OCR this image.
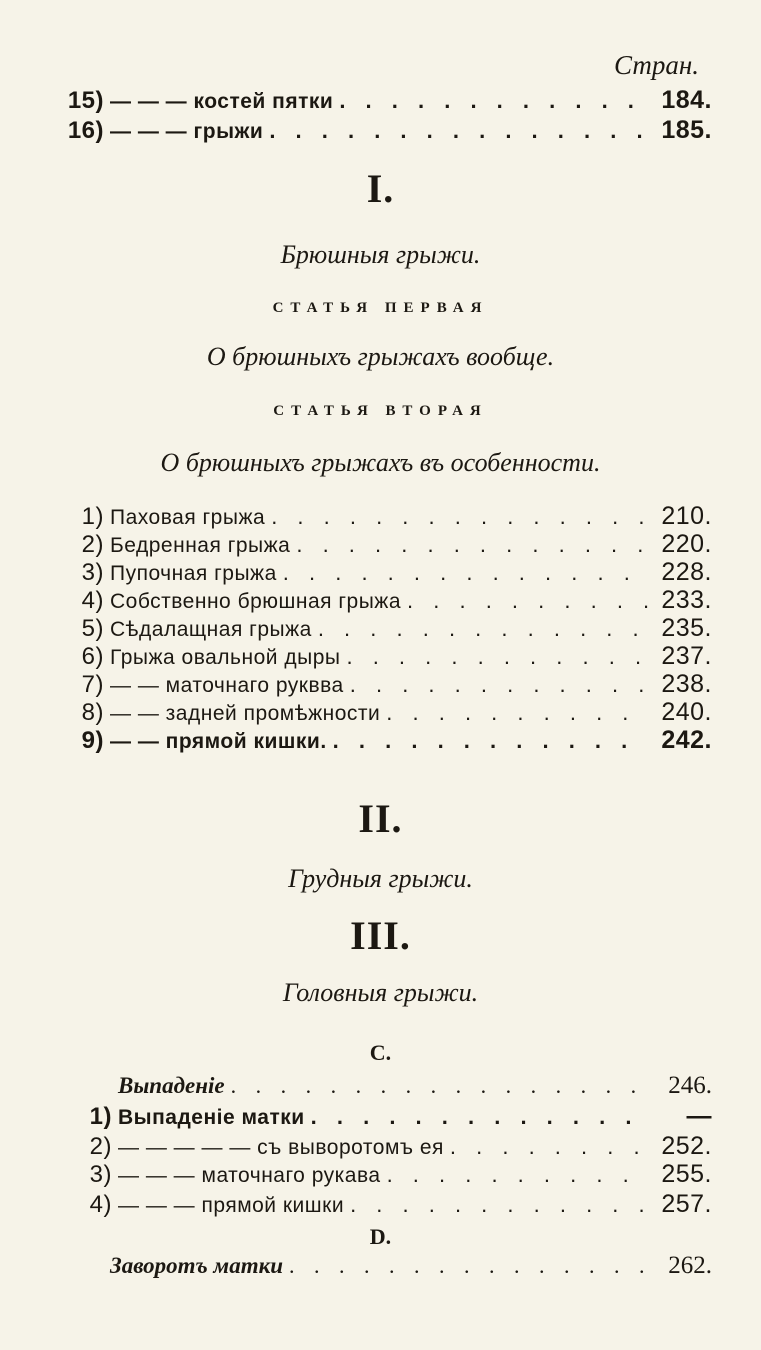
Стран.
15) — — — костей пятки . . .	184.
16) — — — грыжи . . .	185.
I.
Брюшныя грыжи.
СТАТЬЯ ПЕРВАЯ
О брюшныхъ грыжахъ вообще.
СТАТЬЯ ВТОРАЯ
О брюшныхъ грыжахъ въ особенности.
1) Паховая грыжа . . .	210.
2) Бедренная грыжа . . .	220.
3) Пупочная грыжа . . .	228.
4) Собственно брюшная грыжа . . .	233.
5) Сѣдалащная грыжа . . .	235.
6) Грыжа овальной дыры . . .	237.
7) — — маточнаго руквва . . .	238.
8) — — задней промѣжности . . .	240.
9) — — прямой кишки. . . .	242.
II.
Грудныя грыжи.
III.
Головныя грыжи.
C.
Выпаденіе . . .	246.
1) Выпаденіе матки . . .	—
2) — — — — — съ выворотомъ ея . . .	252.
3) — — — маточнаго рукава . . .	255.
4) — — — прямой кишки . . .	257.
D.
Заворотъ матки . . .	262.
